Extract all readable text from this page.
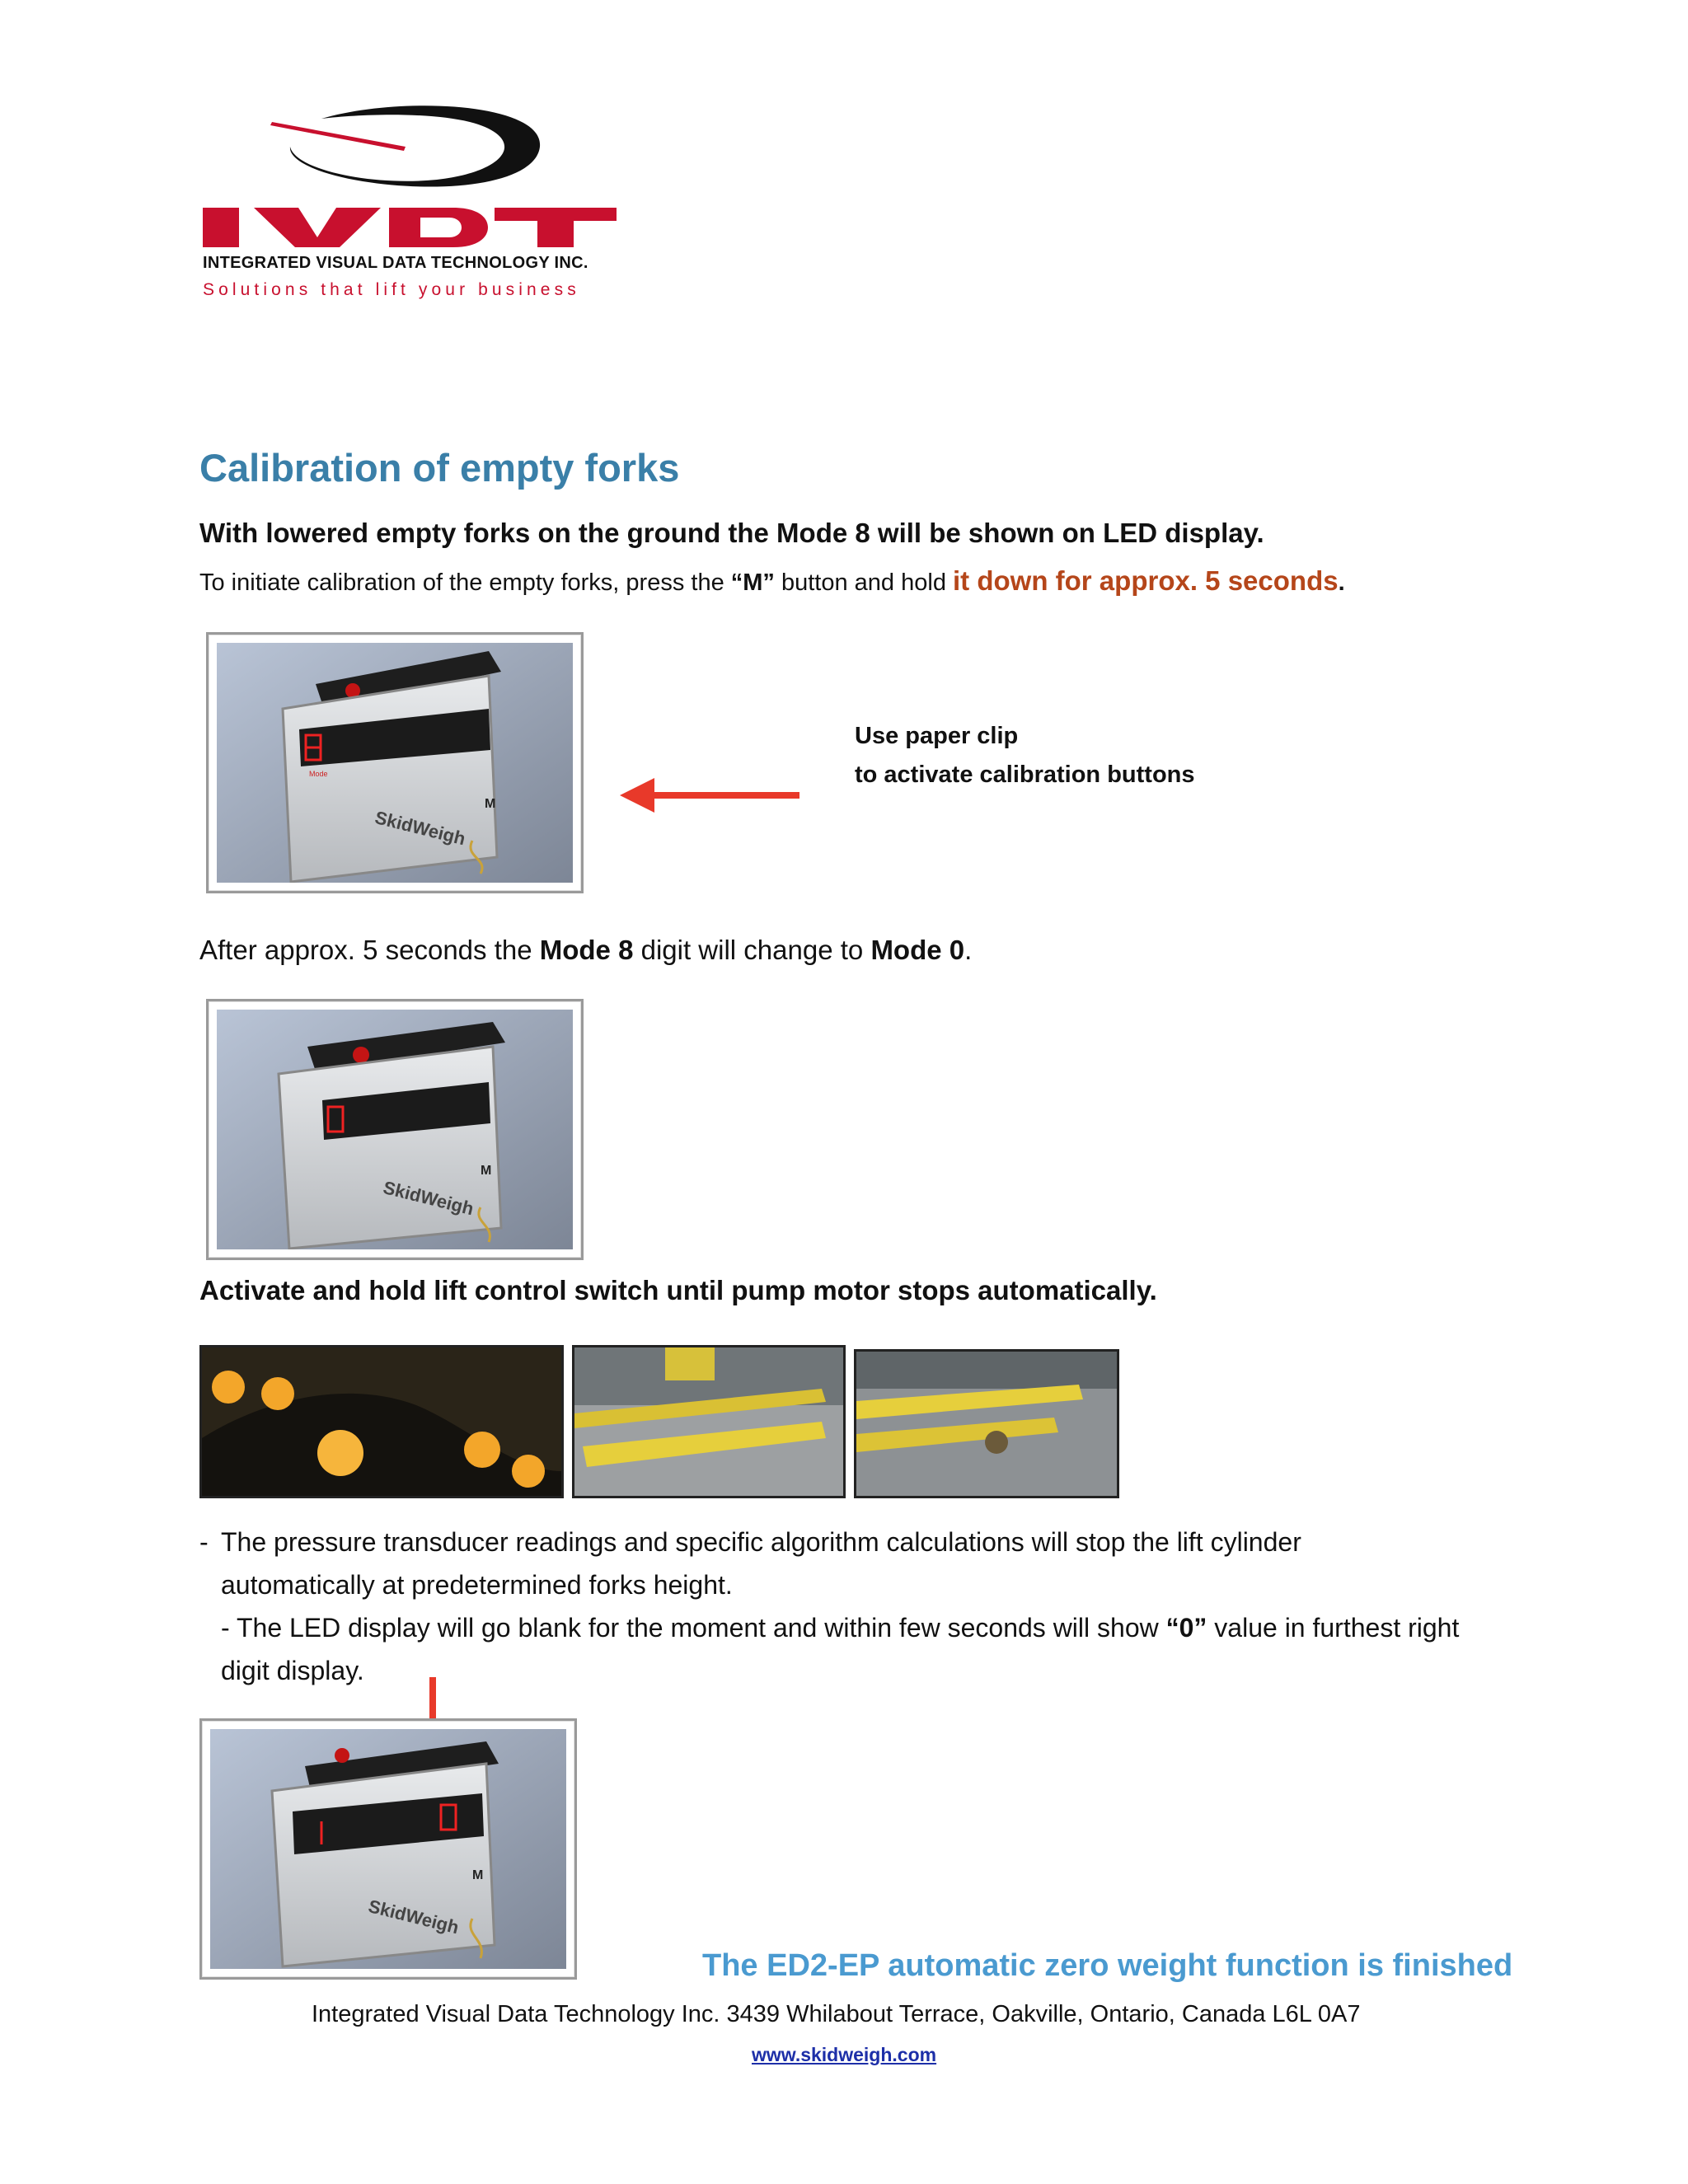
INTEGRATED VISUAL DATA TECHNOLOGY INC.
Solutions that lift your business
Calibration of empty forks
With lowered empty forks on the ground the Mode 8 will be shown on LED display.
To initiate calibration of the empty forks, press the “M” button and hold it down for approx. 5 seconds.
SkidWeigh
Mode
M
Use paper clip
to activate calibration buttons
After approx. 5 seconds the Mode 8 digit will change to Mode 0.
SkidWeigh
M
Activate and hold lift control switch until pump motor stops automatically.
- The pressure transducer readings and specific algorithm calculations will stop the lift cylinder
automatically at predetermined forks height.
- The LED display will go blank for the moment and within few seconds will show “0” value in furthest right
digit display.
SkidWeigh
M
The ED2-EP automatic zero weight function is finished
Integrated Visual Data Technology Inc. 3439 Whilabout Terrace, Oakville, Ontario, Canada L6L 0A7
www.skidweigh.com
